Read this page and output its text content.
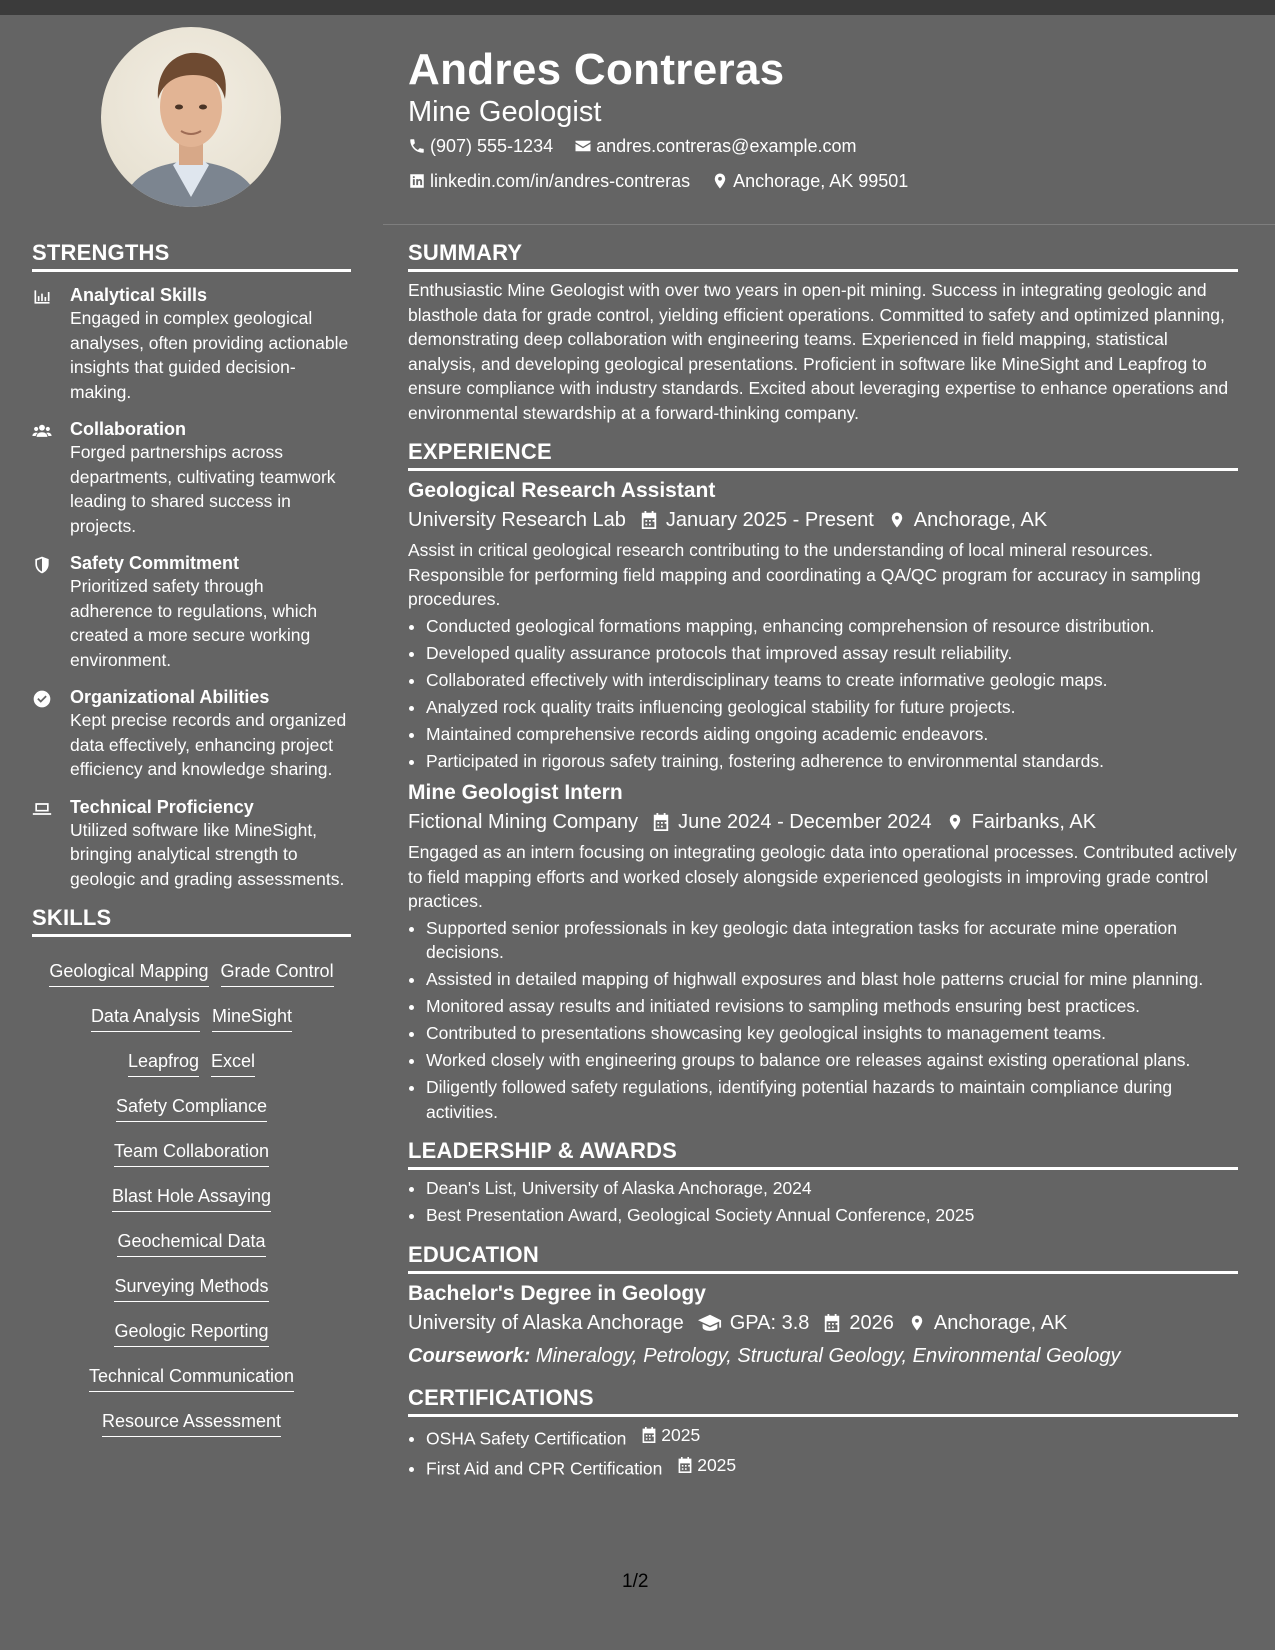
Andres Contreras
Mine Geologist
(907) 555-1234
andres.contreras@example.com
linkedin.com/in/andres-contreras
Anchorage, AK 99501
STRENGTHS
Analytical Skills
Engaged in complex geological analyses, often providing actionable insights that guided decision-making.
Collaboration
Forged partnerships across departments, cultivating teamwork leading to shared success in projects.
Safety Commitment
Prioritized safety through adherence to regulations, which created a more secure working environment.
Organizational Abilities
Kept precise records and organized data effectively, enhancing project efficiency and knowledge sharing.
Technical Proficiency
Utilized software like MineSight, bringing analytical strength to geologic and grading assessments.
SKILLS
Geological Mapping Grade Control
Data Analysis MineSight
Leapfrog Excel
Safety Compliance
Team Collaboration
Blast Hole Assaying
Geochemical Data
Surveying Methods
Geologic Reporting
Technical Communication
Resource Assessment
SUMMARY

Enthusiastic Mine Geologist with over two years in open-pit mining. Success in integrating geologic and blasthole data for grade control, yielding efficient operations. Committed to safety and optimized planning, demonstrating deep collaboration with engineering teams. Experienced in field mapping, statistical analysis, and developing geological presentations. Proficient in software like MineSight and Leapfrog to ensure compliance with industry standards. Excited about leveraging expertise to enhance operations and environmental stewardship at a forward-thinking company.

EXPERIENCE
Geological Research Assistant
University Research Lab January 2025 - Present Anchorage, AK

Assist in critical geological research contributing to the understanding of local mineral resources. Responsible for performing field mapping and coordinating a QA/QC program for accuracy in sampling procedures.

• Conducted geological formations mapping, enhancing comprehension of resource distribution.
• Developed quality assurance protocols that improved assay result reliability.
• Collaborated effectively with interdisciplinary teams to create informative geologic maps.
• Analyzed rock quality traits influencing geological stability for future projects.
• Maintained comprehensive records aiding ongoing academic endeavors.
• Participated in rigorous safety training, fostering adherence to environmental standards.
Mine Geologist Intern
Fictional Mining Company June 2024 - December 2024 Fairbanks, AK

Engaged as an intern focusing on integrating geologic data into operational processes. Contributed actively to field mapping efforts and worked closely alongside experienced geologists in improving grade control practices.

• Supported senior professionals in key geologic data integration tasks for accurate mine operation decisions.
• Assisted in detailed mapping of highwall exposures and blast hole patterns crucial for mine planning.
• Monitored assay results and initiated revisions to sampling methods ensuring best practices.
• Contributed to presentations showcasing key geological insights to management teams.
• Worked closely with engineering groups to balance ore releases against existing operational plans.
• Diligently followed safety regulations, identifying potential hazards to maintain compliance during activities.
LEADERSHIP & AWARDS
• Dean's List, University of Alaska Anchorage, 2024
• Best Presentation Award, Geological Society Annual Conference, 2025
EDUCATION
Bachelor's Degree in Geology
University of Alaska Anchorage GPA: 3.8 2026 Anchorage, AK
Coursework: Mineralogy, Petrology, Structural Geology, Environmental Geology
CERTIFICATIONS
• OSHA Safety Certification 2025
• First Aid and CPR Certification 2025
1/2
